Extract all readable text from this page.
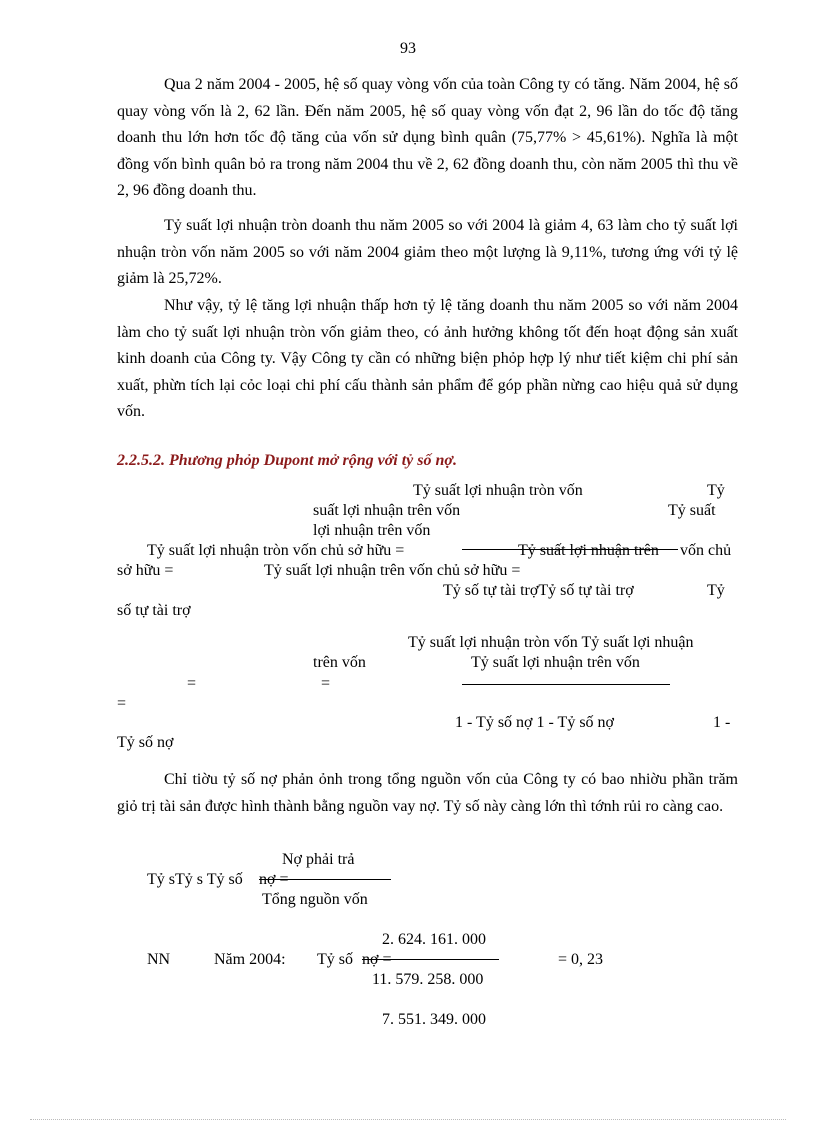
93

Qua 2 năm 2004 - 2005, hệ số quay vòng vốn của toàn Công ty có tăng. Năm 2004, hệ số quay vòng vốn là 2, 62 lần. Đến năm 2005, hệ số quay vòng vốn đạt 2, 96 lần do tốc độ tăng doanh thu lớn hơn tốc độ tăng của vốn sử dụng bình quân (75,77% > 45,61%). Nghĩa là một đồng vốn bình quân bỏ ra trong năm 2004 thu về 2, 62 đồng doanh thu, còn năm 2005 thì thu về 2, 96 đồng doanh thu.

Tỷ suất lợi nhuận tròn doanh thu năm 2005 so với 2004 là giảm 4, 63 làm cho tỷ suất lợi nhuận tròn vốn năm 2005 so với năm 2004 giảm theo một lượng là 9,11%, tương ứng với tỷ lệ giảm là 25,72%.

Như vậy, tỷ lệ tăng lợi nhuận thấp hơn tỷ lệ tăng doanh thu năm 2005 so với năm 2004 làm cho tỷ suất lợi nhuận tròn vốn giảm theo, có ảnh hưởng không tốt đến hoạt động sản xuất kinh doanh của Công ty. Vậy Công ty cần có những biện phỏp hợp lý như tiết kiệm chi phí sản xuất, phừn tích lại cỏc loại chi phí cấu thành sản phẩm để góp phần nừng cao hiệu quả sử dụng vốn.

2.2.5.2. Phương phỏp Dupont mở rộng với tỷ số nợ.
Tỷ suất lợi nhuận tròn vốn	Tỷ
suất lợi nhuận trên vốn	Tỷ suất
lợi nhuận trên vốn
Tỷ suất lợi nhuận tròn vốn chủ sở hữu =	Tỷ suất lợi nhuận trên vốn chủ
sở hữu =	Tỷ suất lợi nhuận trên vốn chủ sở hữu =
Tỷ số tự tài trợTỷ số tự tài trợ	Tỷ
số tự tài trợ
Tỷ suất lợi nhuận tròn vốn Tỷ suất lợi nhuận
trên vốn	Tỷ suất lợi nhuận trên vốn
=	=
=
1 - Tỷ số nợ 1 - Tỷ số nợ	1 -
Tỷ số nợ

Chỉ tiờu tỷ số nợ phản ỏnh trong tổng nguồn vốn của Công ty có bao nhiờu phần trăm giỏ trị tài sản được hình thành bằng nguồn vay nợ. Tỷ số này càng lớn thì tớnh rủi ro càng cao.

Nợ phải trả
Tỷ sTỷ s Tỷ số nợ =
Tổng nguồn vốn
2. 624. 161. 000
NN	Năm 2004: Tỷ số nợ =	= 0, 23
11. 579. 258. 000
7. 551. 349. 000
